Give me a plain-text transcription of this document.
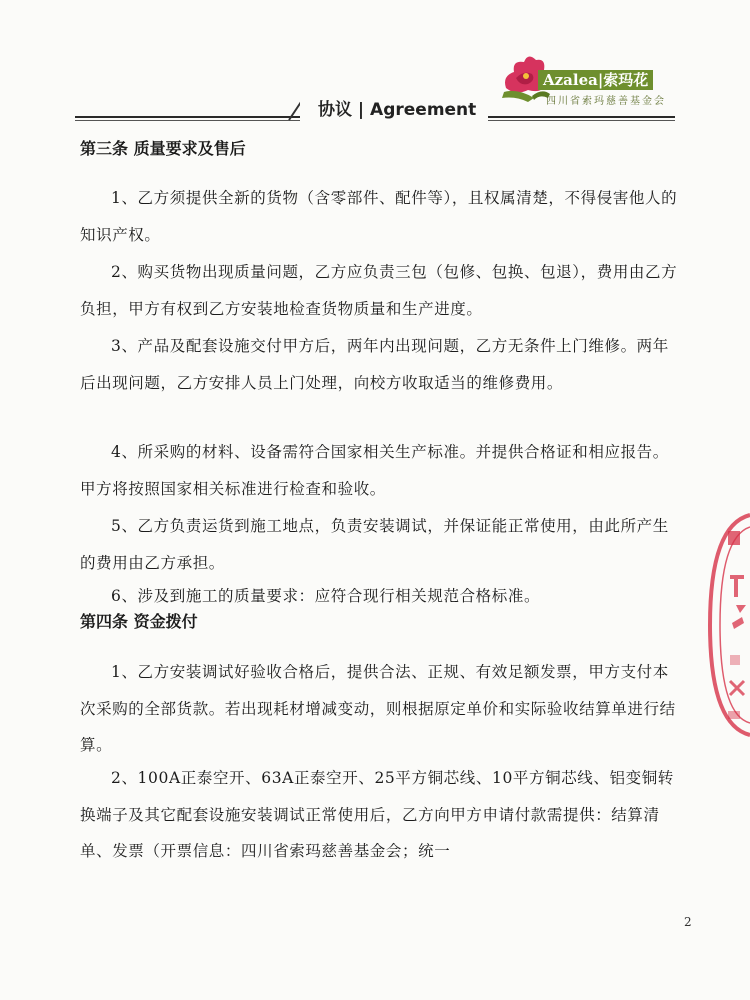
Azalea|索玛花
四川省索玛慈善基金会
协议 | Agreement
第三条 质量要求及售后
1、乙方须提供全新的货物（含零部件、配件等），且权属清楚，不得侵害他人的知识产权。
2、购买货物出现质量问题，乙方应负责三包（包修、包换、包退），费用由乙方负担，甲方有权到乙方安装地检查货物质量和生产进度。
3、产品及配套设施交付甲方后，两年内出现问题，乙方无条件上门维修。两年后出现问题，乙方安排人员上门处理，向校方收取适当的维修费用。
4、所采购的材料、设备需符合国家相关生产标准。并提供合格证和相应报告。甲方将按照国家相关标准进行检查和验收。
5、乙方负责运货到施工地点，负责安装调试，并保证能正常使用，由此所产生的费用由乙方承担。
6、涉及到施工的质量要求：应符合现行相关规范合格标准。
第四条 资金拨付
1、乙方安装调试好验收合格后，提供合法、正规、有效足额发票，甲方支付本次采购的全部货款。若出现耗材增减变动，则根据原定单价和实际验收结算单进行结算。
2、100A正泰空开、63A正泰空开、25平方铜芯线、10平方铜芯线、铝变铜转换端子及其它配套设施安装调试正常使用后，乙方向甲方申请付款需提供：结算清单、发票（开票信息：四川省索玛慈善基金会；统一
2
